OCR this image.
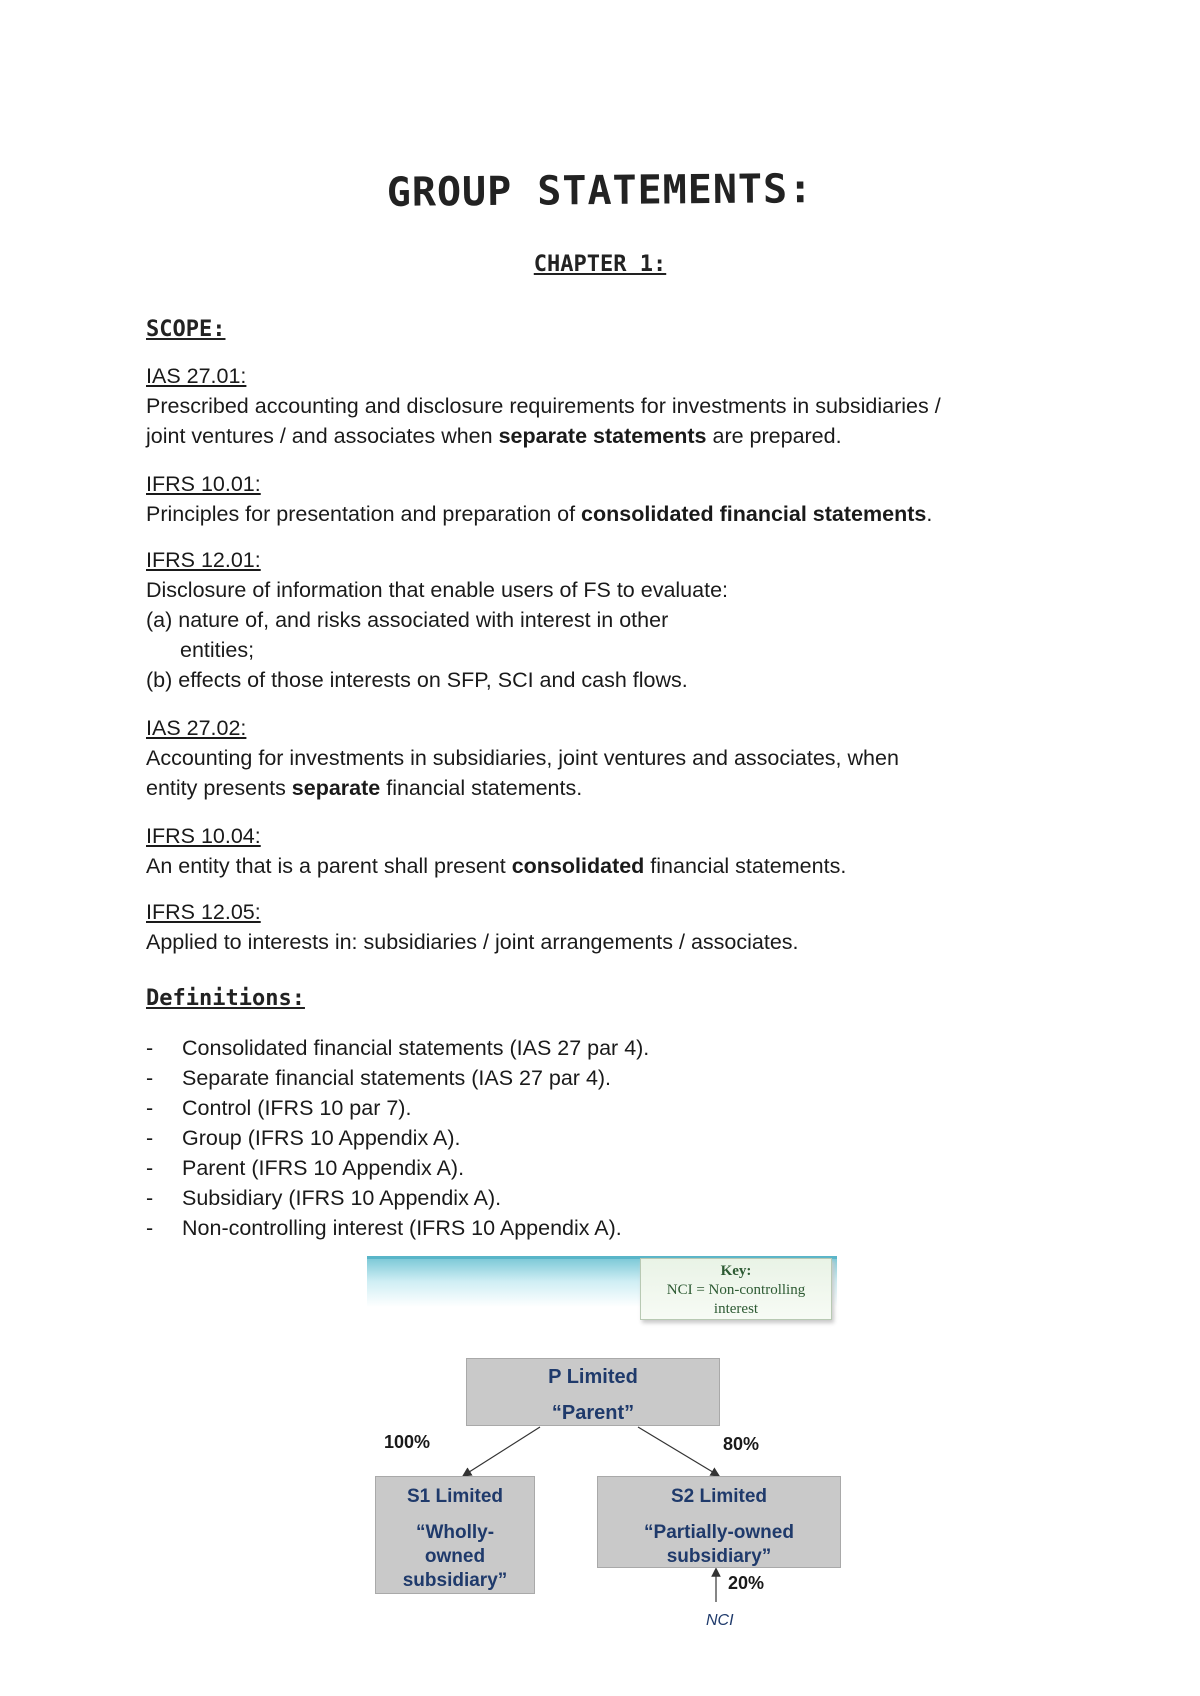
GROUP STATEMENTS:
CHAPTER 1:
SCOPE:
IAS 27.01:
Prescribed accounting and disclosure requirements for investments in subsidiaries /
joint ventures / and associates when separate statements are prepared.
IFRS 10.01:
Principles for presentation and preparation of consolidated financial statements.
IFRS 12.01:
Disclosure of information that enable users of FS to evaluate:
(a) nature of, and risks associated with interest in other
entities;
(b) effects of those interests on SFP, SCI and cash flows.
IAS 27.02:
Accounting for investments in subsidiaries, joint ventures and associates, when
entity presents separate financial statements.
IFRS 10.04:
An entity that is a parent shall present consolidated financial statements.
IFRS 12.05:
Applied to interests in: subsidiaries / joint arrangements / associates.
Definitions:
- Consolidated financial statements (IAS 27 par 4).
- Separate financial statements (IAS 27 par 4).
- Control (IFRS 10 par 7).
- Group (IFRS 10 Appendix A).
- Parent (IFRS 10 Appendix A).
- Subsidiary (IFRS 10 Appendix A).
- Non-controlling interest (IFRS 10 Appendix A).
Key:
NCI = Non-controlling
interest
P Limited
“Parent”
100%	80%
S1 Limited
“Wholly-
owned
subsidiary”
S2 Limited
“Partially-owned
subsidiary”
20%
NCI
